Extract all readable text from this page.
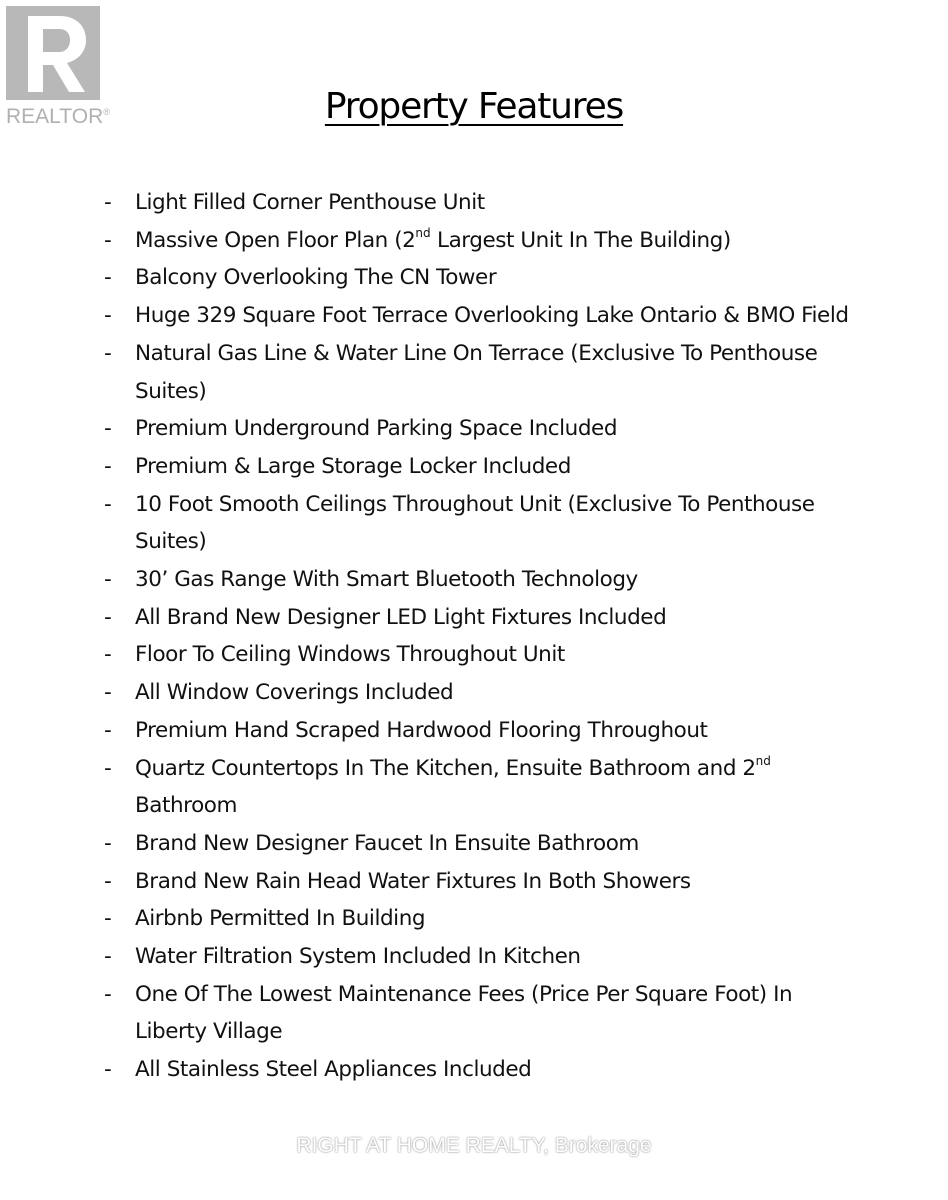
REALTOR®	Property Features
- Light Filled Corner Penthouse Unit
- Massive Open Floor Plan (2nd Largest Unit In The Building)
- Balcony Overlooking The CN Tower
- Huge 329 Square Foot Terrace Overlooking Lake Ontario & BMO Field
- Natural Gas Line & Water Line On Terrace (Exclusive To Penthouse Suites)
- Premium Underground Parking Space Included
- Premium & Large Storage Locker Included
- 10 Foot Smooth Ceilings Throughout Unit (Exclusive To Penthouse Suites)
- 30’ Gas Range With Smart Bluetooth Technology
- All Brand New Designer LED Light Fixtures Included
- Floor To Ceiling Windows Throughout Unit
- All Window Coverings Included
- Premium Hand Scraped Hardwood Flooring Throughout
- Quartz Countertops In The Kitchen, Ensuite Bathroom and 2nd Bathroom
- Brand New Designer Faucet In Ensuite Bathroom
- Brand New Rain Head Water Fixtures In Both Showers
- Airbnb Permitted In Building
- Water Filtration System Included In Kitchen
- One Of The Lowest Maintenance Fees (Price Per Square Foot) In Liberty Village
- All Stainless Steel Appliances Included
RIGHT AT HOME REALTY, Brokerage
